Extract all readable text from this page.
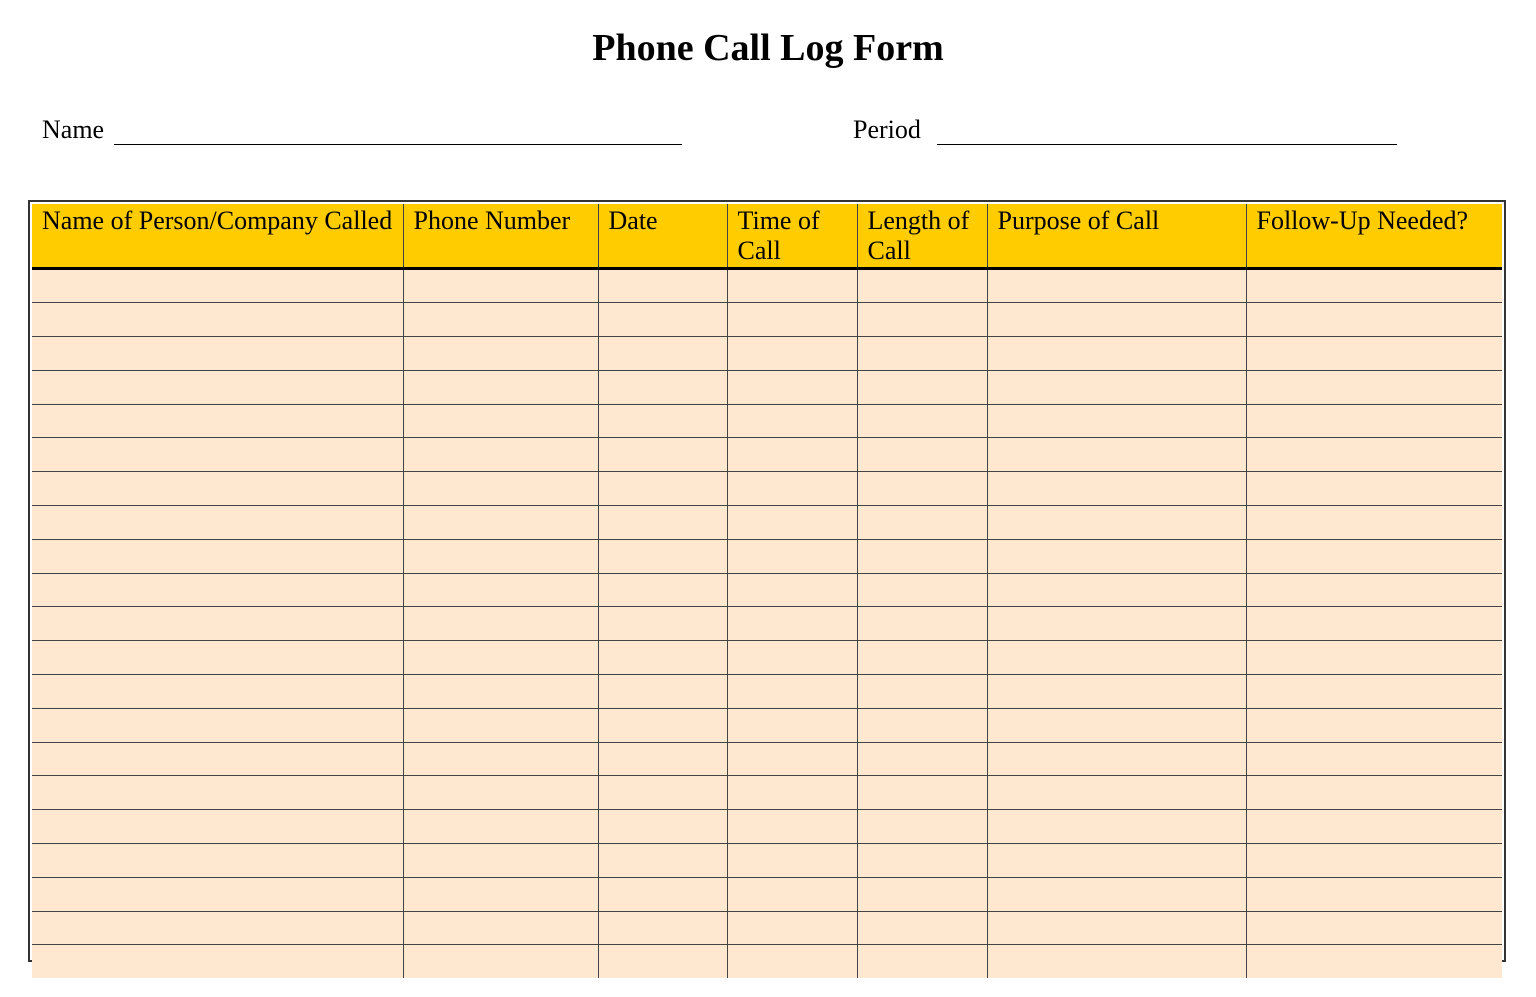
Phone Call Log Form
Name	Period
Name of Person/Company Called	Phone Number	Date	Time of Call	Length of Call	Purpose of Call	Follow-Up Needed?
